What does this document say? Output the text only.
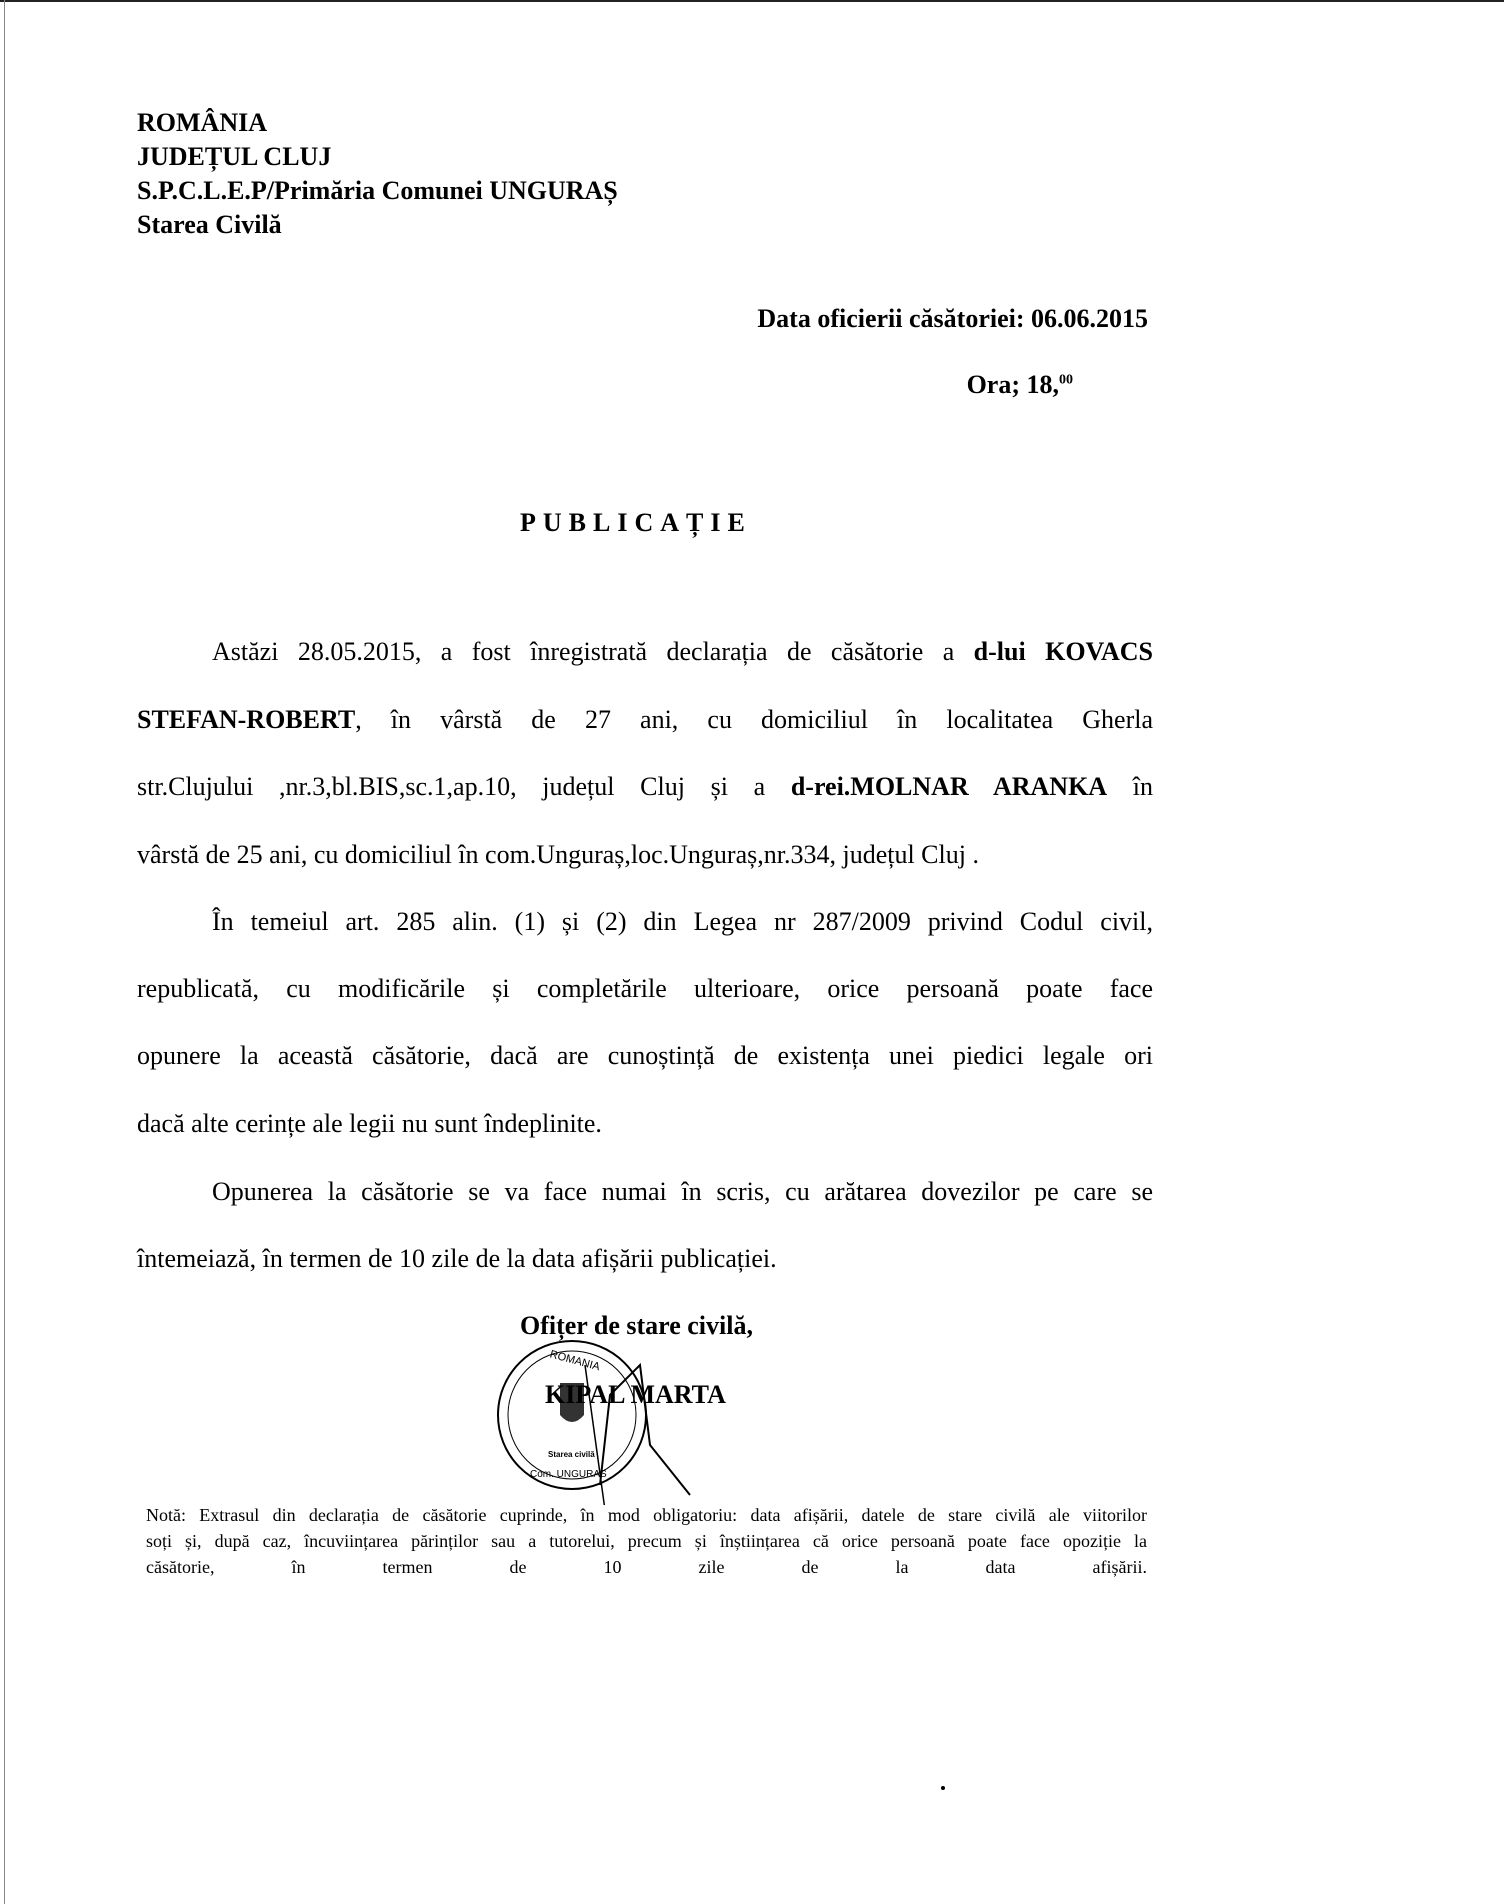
ROMÂNIA
JUDEȚUL CLUJ
S.P.C.L.E.P/Primăria Comunei UNGURAȘ
Starea Civilă
Data oficierii căsătoriei: 06.06.2015
Ora; 18,00
PUBLICAȚIE
Astăzi 28.05.2015, a fost înregistrată declarația de căsătorie a d-lui KOVACS
STEFAN-ROBERT, în vârstă de 27 ani, cu domiciliul în localitatea Gherla
str.Clujului ,nr.3,bl.BIS,sc.1,ap.10, județul Cluj și a d-rei.MOLNAR ARANKA în
vârstă de 25 ani, cu domiciliul în com.Unguraș,loc.Unguraș,nr.334, județul Cluj .
În temeiul art. 285 alin. (1) și (2) din Legea nr 287/2009 privind Codul civil,
republicată, cu modificările și completările ulterioare, orice persoană poate face
opunere la această căsătorie, dacă are cunoștință de existența unei piedici legale ori
dacă alte cerințe ale legii nu sunt îndeplinite.
Opunerea la căsătorie se va face numai în scris, cu arătarea dovezilor pe care se
întemeiază, în termen de 10 zile de la data afișării publicației.
Ofițer de stare civilă,
ROMANIA
Com. UNGURAS
Starea civilă
KIPAL MARTA
Notă: Extrasul din declarația de căsătorie cuprinde, în mod obligatoriu: data afișării, datele de stare civilă ale viitorilor
soți și, după caz, încuviințarea părinților sau a tutorelui, precum și înștiințarea că orice persoană poate face opoziție la
căsătorie, în termen de 10 zile de la data afișării.
